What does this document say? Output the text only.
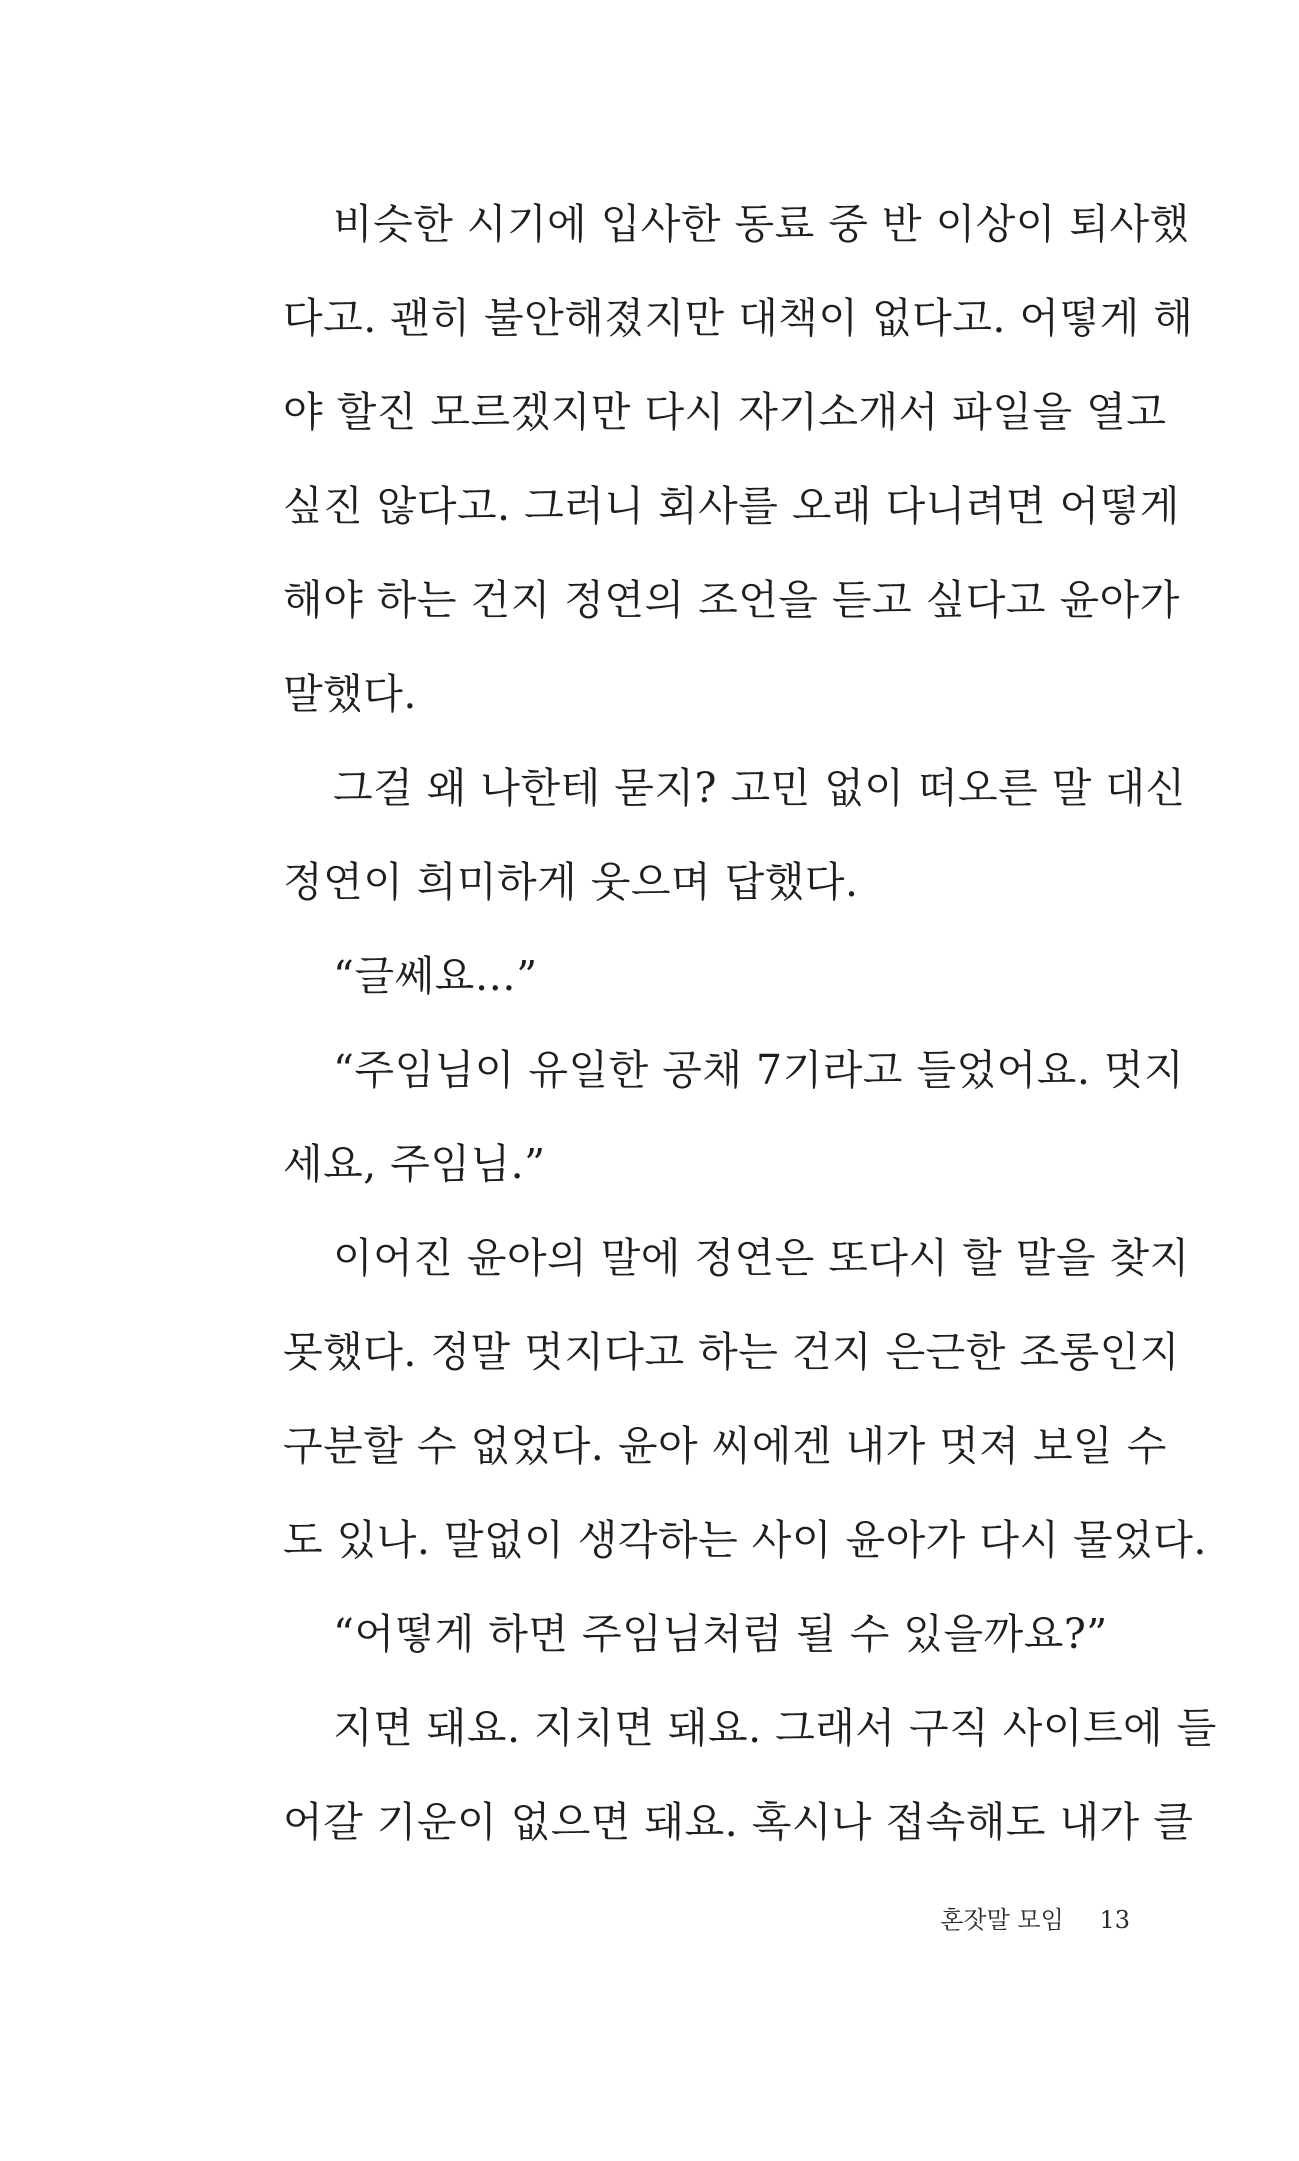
비슷한 시기에 입사한 동료 중 반 이상이 퇴사했
다고. 괜히 불안해졌지만 대책이 없다고. 어떻게 해
야 할진 모르겠지만 다시 자기소개서 파일을 열고
싶진 않다고. 그러니 회사를 오래 다니려면 어떻게
해야 하는 건지 정연의 조언을 듣고 싶다고 윤아가
말했다.
그걸 왜 나한테 묻지? 고민 없이 떠오른 말 대신
정연이 희미하게 웃으며 답했다.
“글쎄요…”
“주임님이 유일한 공채 7기라고 들었어요. 멋지
세요, 주임님.”
이어진 윤아의 말에 정연은 또다시 할 말을 찾지
못했다. 정말 멋지다고 하는 건지 은근한 조롱인지
구분할 수 없었다. 윤아 씨에겐 내가 멋져 보일 수
도 있나. 말없이 생각하는 사이 윤아가 다시 물었다.
“어떻게 하면 주임님처럼 될 수 있을까요?”
지면 돼요. 지치면 돼요. 그래서 구직 사이트에 들
어갈 기운이 없으면 돼요. 혹시나 접속해도 내가 클
혼잣말 모임 13
